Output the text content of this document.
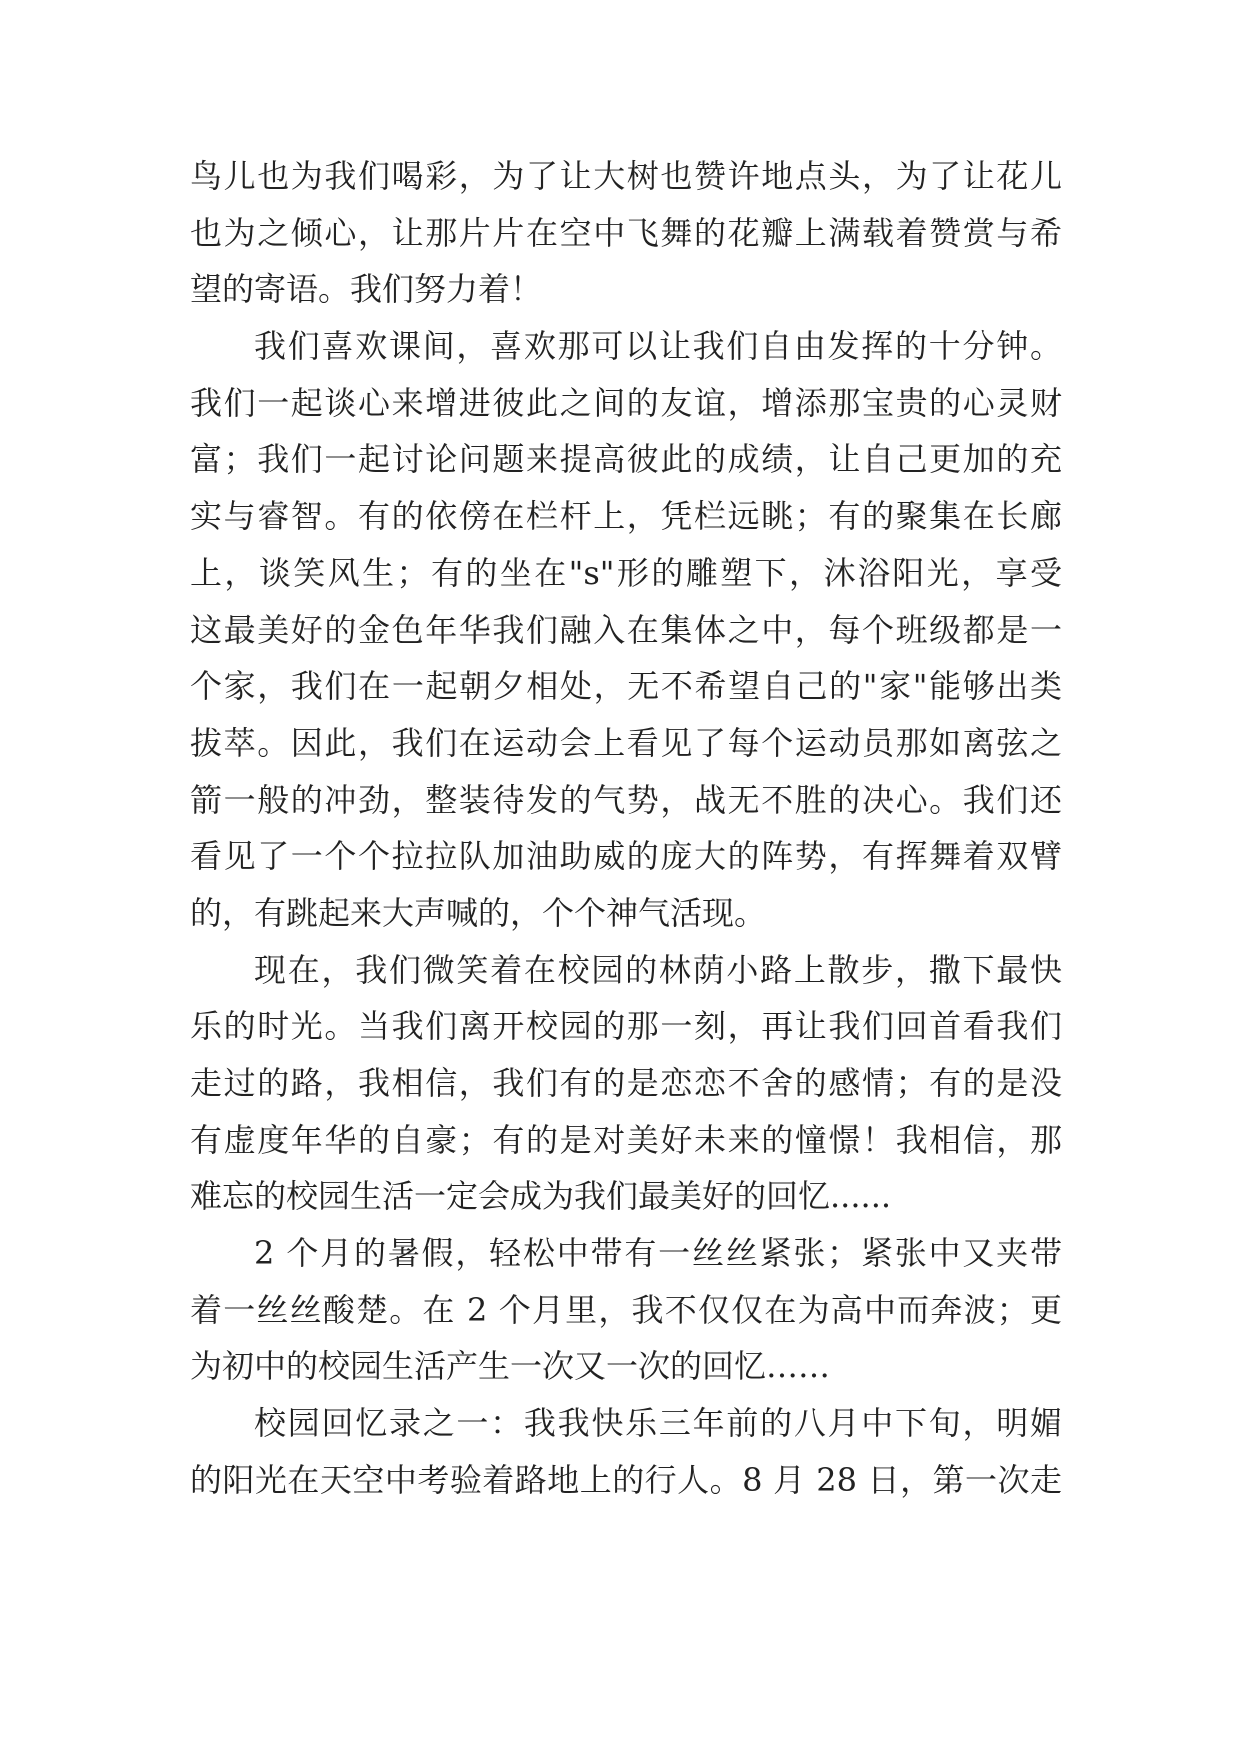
鸟儿也为我们喝彩，为了让大树也赞许地点头，为了让花儿
也为之倾心，让那片片在空中飞舞的花瓣上满载着赞赏与希
望的寄语。我们努力着！
我们喜欢课间，喜欢那可以让我们自由发挥的十分钟。
我们一起谈心来增进彼此之间的友谊，增添那宝贵的心灵财
富；我们一起讨论问题来提高彼此的成绩，让自己更加的充
实与睿智。有的依傍在栏杆上，凭栏远眺；有的聚集在长廊
上，谈笑风生；有的坐在"s"形的雕塑下，沐浴阳光，享受
这最美好的金色年华我们融入在集体之中，每个班级都是一
个家，我们在一起朝夕相处，无不希望自己的"家"能够出类
拔萃。因此，我们在运动会上看见了每个运动员那如离弦之
箭一般的冲劲，整装待发的气势，战无不胜的决心。我们还
看见了一个个拉拉队加油助威的庞大的阵势，有挥舞着双臂
的，有跳起来大声喊的，个个神气活现。
现在，我们微笑着在校园的林荫小路上散步，撒下最快
乐的时光。当我们离开校园的那一刻，再让我们回首看我们
走过的路，我相信，我们有的是恋恋不舍的感情；有的是没
有虚度年华的自豪；有的是对美好未来的憧憬！我相信，那
难忘的校园生活一定会成为我们最美好的回忆......
2 个月的暑假，轻松中带有一丝丝紧张；紧张中又夹带
着一丝丝酸楚。在 2 个月里，我不仅仅在为高中而奔波；更
为初中的校园生活产生一次又一次的回忆……
校园回忆录之一：我我快乐三年前的八月中下旬，明媚
的阳光在天空中考验着路地上的行人。8 月 28 日，第一次走
